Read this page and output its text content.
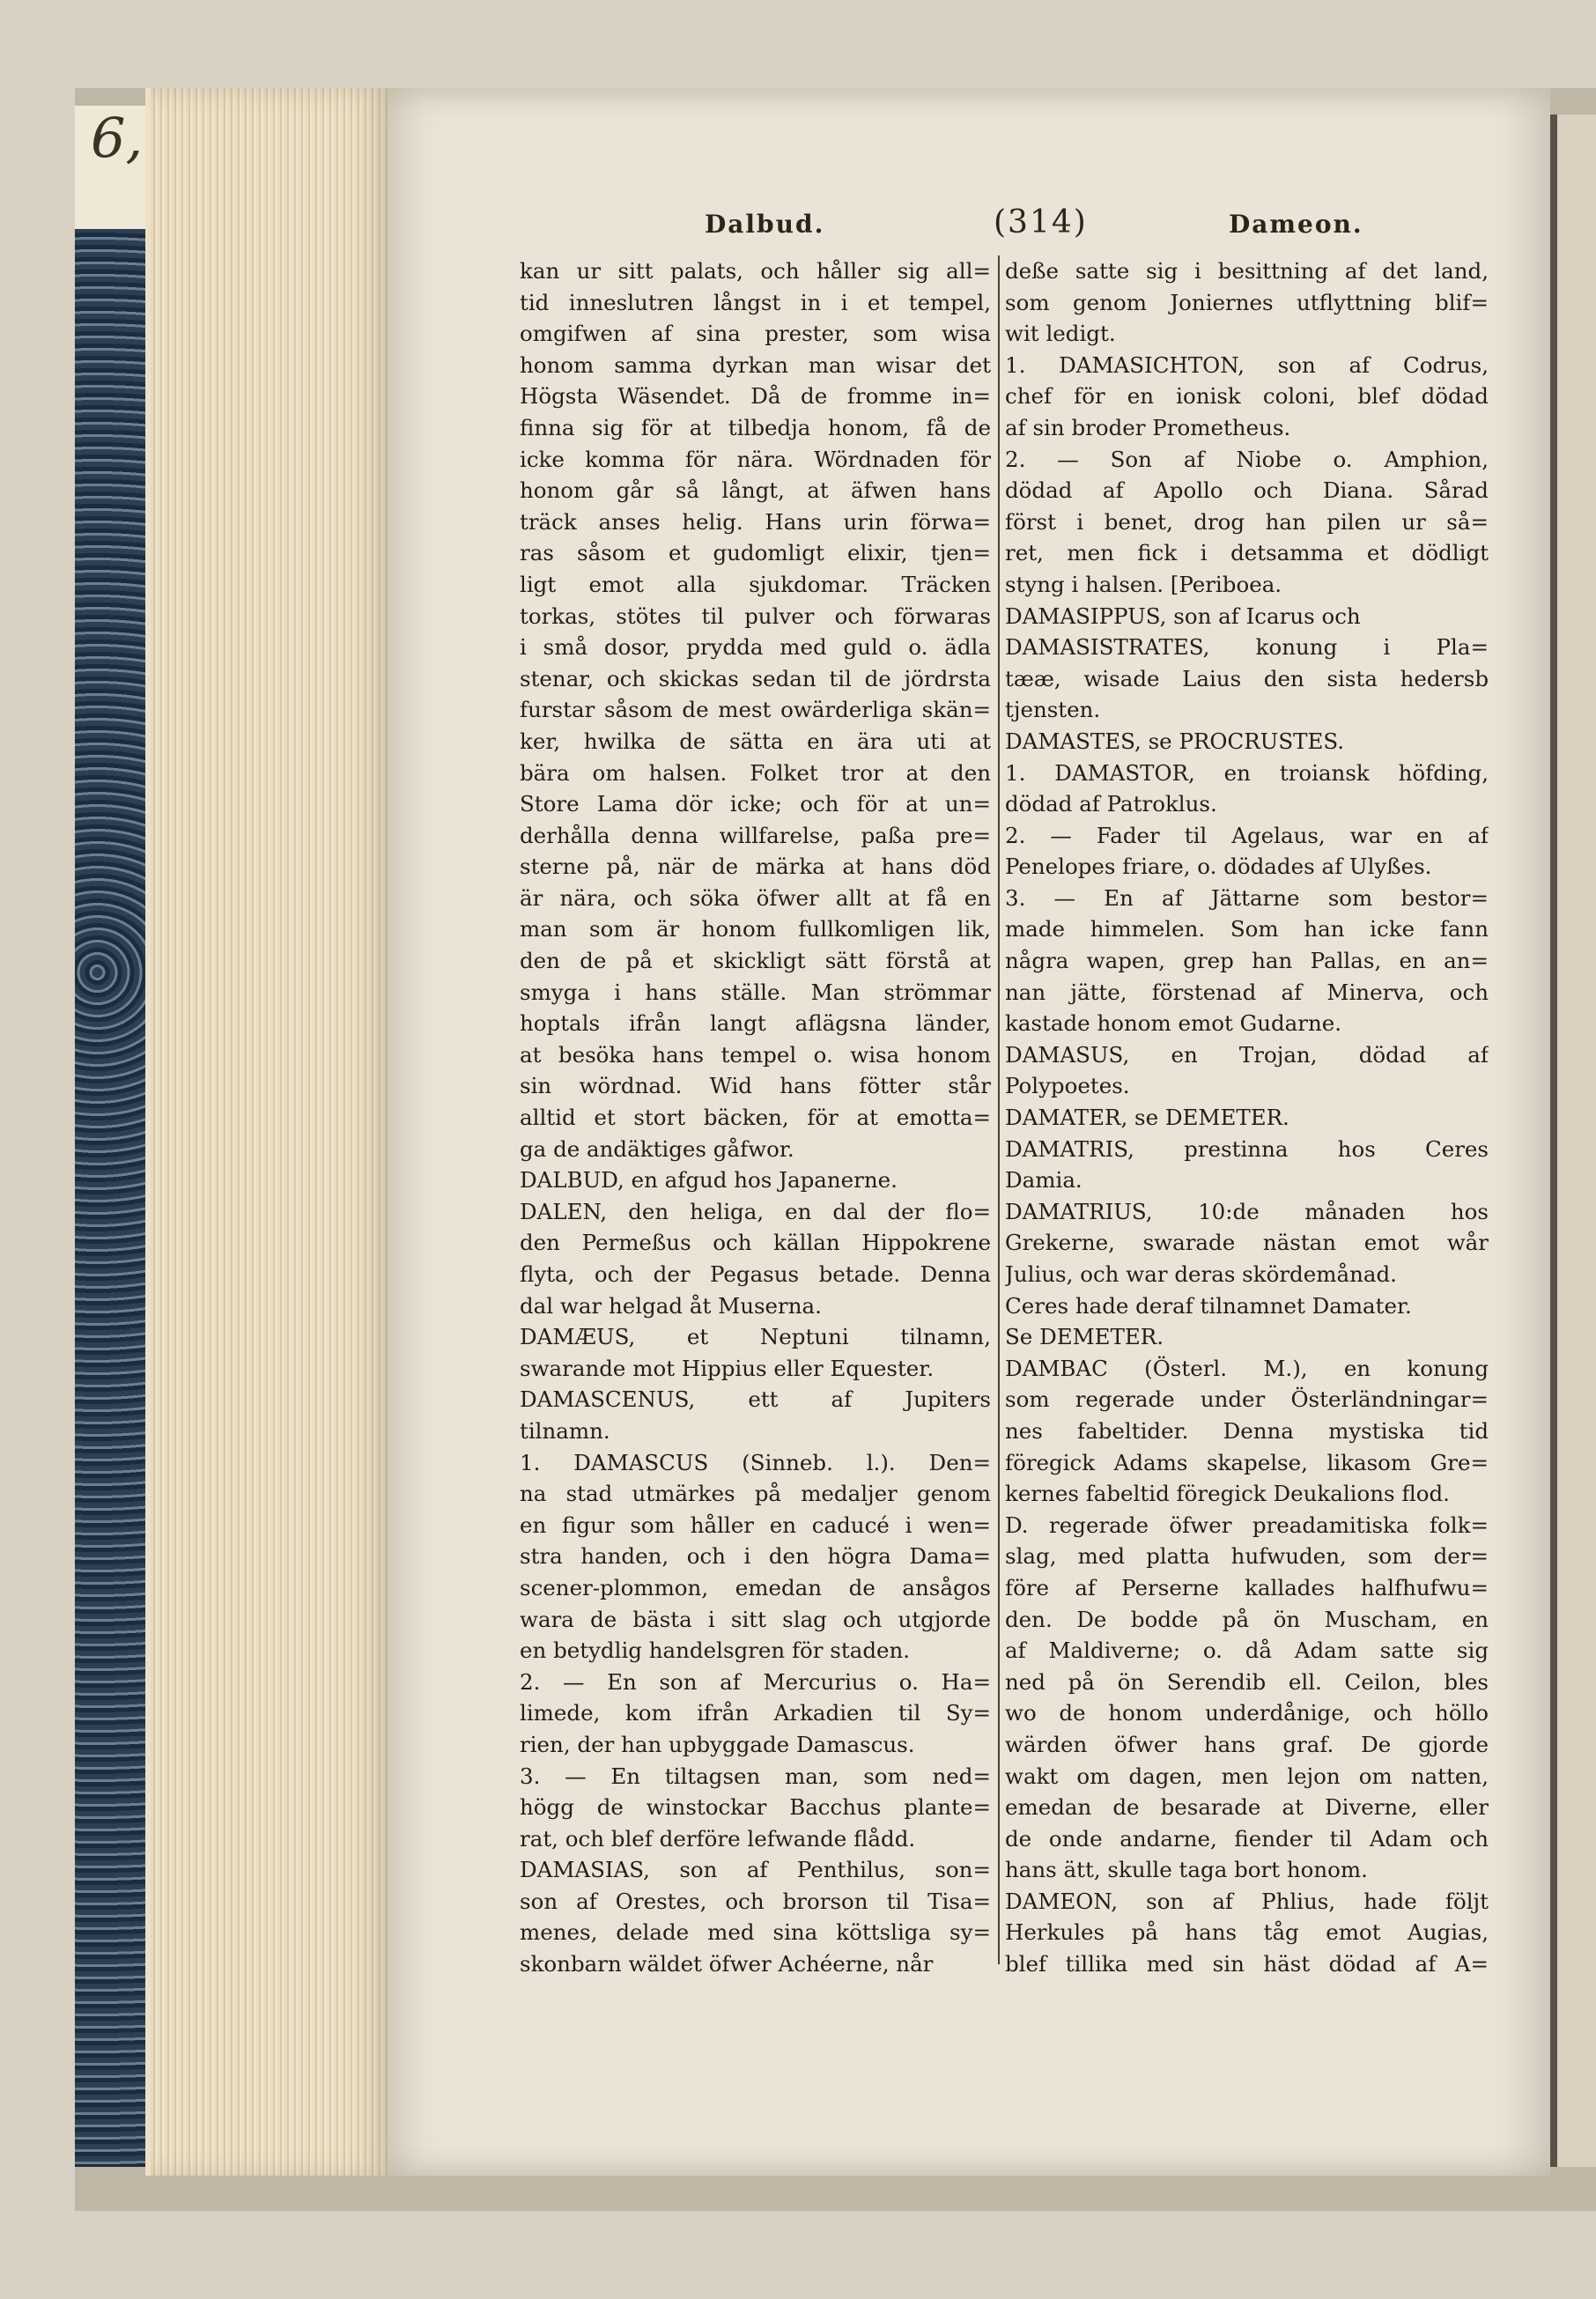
6,
Dalbud.	(314)	Dameon.
kan ur sitt palats, och håller sig all=
tid inneslutren långst in i et tempel,
omgifwen af sina prester, som wisa
honom samma dyrkan man wisar det
Högsta Wäsendet. Då de fromme in=
finna sig för at tilbedja honom, få de
icke komma för nära. Wördnaden för
honom går så långt, at äfwen hans
träck anses helig. Hans urin förwa=
ras såsom et gudomligt elixir, tjen=
ligt emot alla sjukdomar. Träcken
torkas, stötes til pulver och förwaras
i små dosor, prydda med guld o. ädla
stenar, och skickas sedan til de jördrsta
furstar såsom de mest owärderliga skän=
ker, hwilka de sätta en ära uti at
bära om halsen. Folket tror at den
Store Lama dör icke; och för at un=
derhålla denna willfarelse, paßa pre=
sterne på, när de märka at hans död
är nära, och söka öfwer allt at få en
man som är honom fullkomligen lik,
den de på et skickligt sätt förstå at
smyga i hans ställe. Man strömmar
hoptals ifrån langt aflägsna länder,
at besöka hans tempel o. wisa honom
sin wördnad. Wid hans fötter står
alltid et stort bäcken, för at emotta=
ga de andäktiges gåfwor.
DALBUD, en afgud hos Japanerne.
DALEN, den heliga, en dal der flo=
den Permeßus och källan Hippokrene
flyta, och der Pegasus betade. Denna
dal war helgad åt Muserna.
DAMÆUS, et Neptuni tilnamn,
swarande mot Hippius eller Equester.
DAMASCENUS, ett af Jupiters
tilnamn.
1. DAMASCUS (Sinneb. l.). Den=
na stad utmärkes på medaljer genom
en figur som håller en caducé i wen=
stra handen, och i den högra Dama=
scener-plommon, emedan de ansågos
wara de bästa i sitt slag och utgjorde
en betydlig handelsgren för staden.
2. — En son af Mercurius o. Ha=
limede, kom ifrån Arkadien til Sy=
rien, der han upbyggade Damascus.
3. — En tiltagsen man, som ned=
högg de winstockar Bacchus plante=
rat, och blef derföre lefwande flådd.
DAMASIAS, son af Penthilus, son=
son af Orestes, och brorson til Tisa=
menes, delade med sina köttsliga sy=
skonbarn wäldet öfwer Achéerne, når
deße satte sig i besittning af det land,
som genom Joniernes utflyttning blif=
wit ledigt.
1. DAMASICHTON, son af Codrus,
chef för en ionisk coloni, blef dödad
af sin broder Prometheus.
2. — Son af Niobe o. Amphion,
dödad af Apollo och Diana. Sårad
först i benet, drog han pilen ur så=
ret, men fick i detsamma et dödligt
styng i halsen. [Periboea.
DAMASIPPUS, son af Icarus och
DAMASISTRATES, konung i Pla=
tææ, wisade Laius den sista hedersb
tjensten.
DAMASTES, se PROCRUSTES.
1. DAMASTOR, en troiansk höfding,
dödad af Patroklus.
2. — Fader til Agelaus, war en af
Penelopes friare, o. dödades af Ulyßes.
3. — En af Jättarne som bestor=
made himmelen. Som han icke fann
några wapen, grep han Pallas, en an=
nan jätte, förstenad af Minerva, och
kastade honom emot Gudarne.
DAMASUS, en Trojan, dödad af
Polypoetes.
DAMATER, se DEMETER.
DAMATRIS, prestinna hos Ceres
Damia.
DAMATRIUS, 10:de månaden hos
Grekerne, swarade nästan emot wår
Julius, och war deras skördemånad.
Ceres hade deraf tilnamnet Damater.
Se DEMETER.
DAMBAC (Österl. M.), en konung
som regerade under Österländningar=
nes fabeltider. Denna mystiska tid
föregick Adams skapelse, likasom Gre=
kernes fabeltid föregick Deukalions flod.
D. regerade öfwer preadamitiska folk=
slag, med platta hufwuden, som der=
före af Perserne kallades halfhufwu=
den. De bodde på ön Muscham, en
af Maldiverne; o. då Adam satte sig
ned på ön Serendib ell. Ceilon, bles
wo de honom underdånige, och höllo
wärden öfwer hans graf. De gjorde
wakt om dagen, men lejon om natten,
emedan de besarade at Diverne, eller
de onde andarne, fiender til Adam och
hans ätt, skulle taga bort honom.
DAMEON, son af Phlius, hade följt
Herkules på hans tåg emot Augias,
blef tillika med sin häst dödad af A=
